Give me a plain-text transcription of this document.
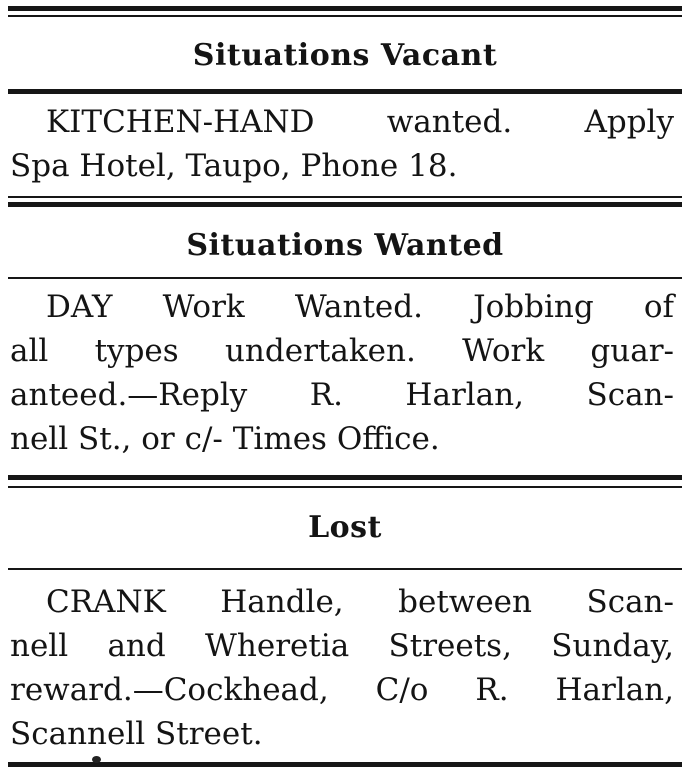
Situations Vacant
KITCHEN-HAND wanted. Apply
Spa Hotel, Taupo, Phone 18.
Situations Wanted
DAY Work Wanted. Jobbing of
all types undertaken. Work guar-
anteed.—Reply R. Harlan, Scan-
nell St., or c/- Times Office.
Lost
CRANK Handle, between Scan-
nell and Wheretia Streets, Sunday,
reward.—Cockhead, C/o R. Harlan,
Scannell Street.
